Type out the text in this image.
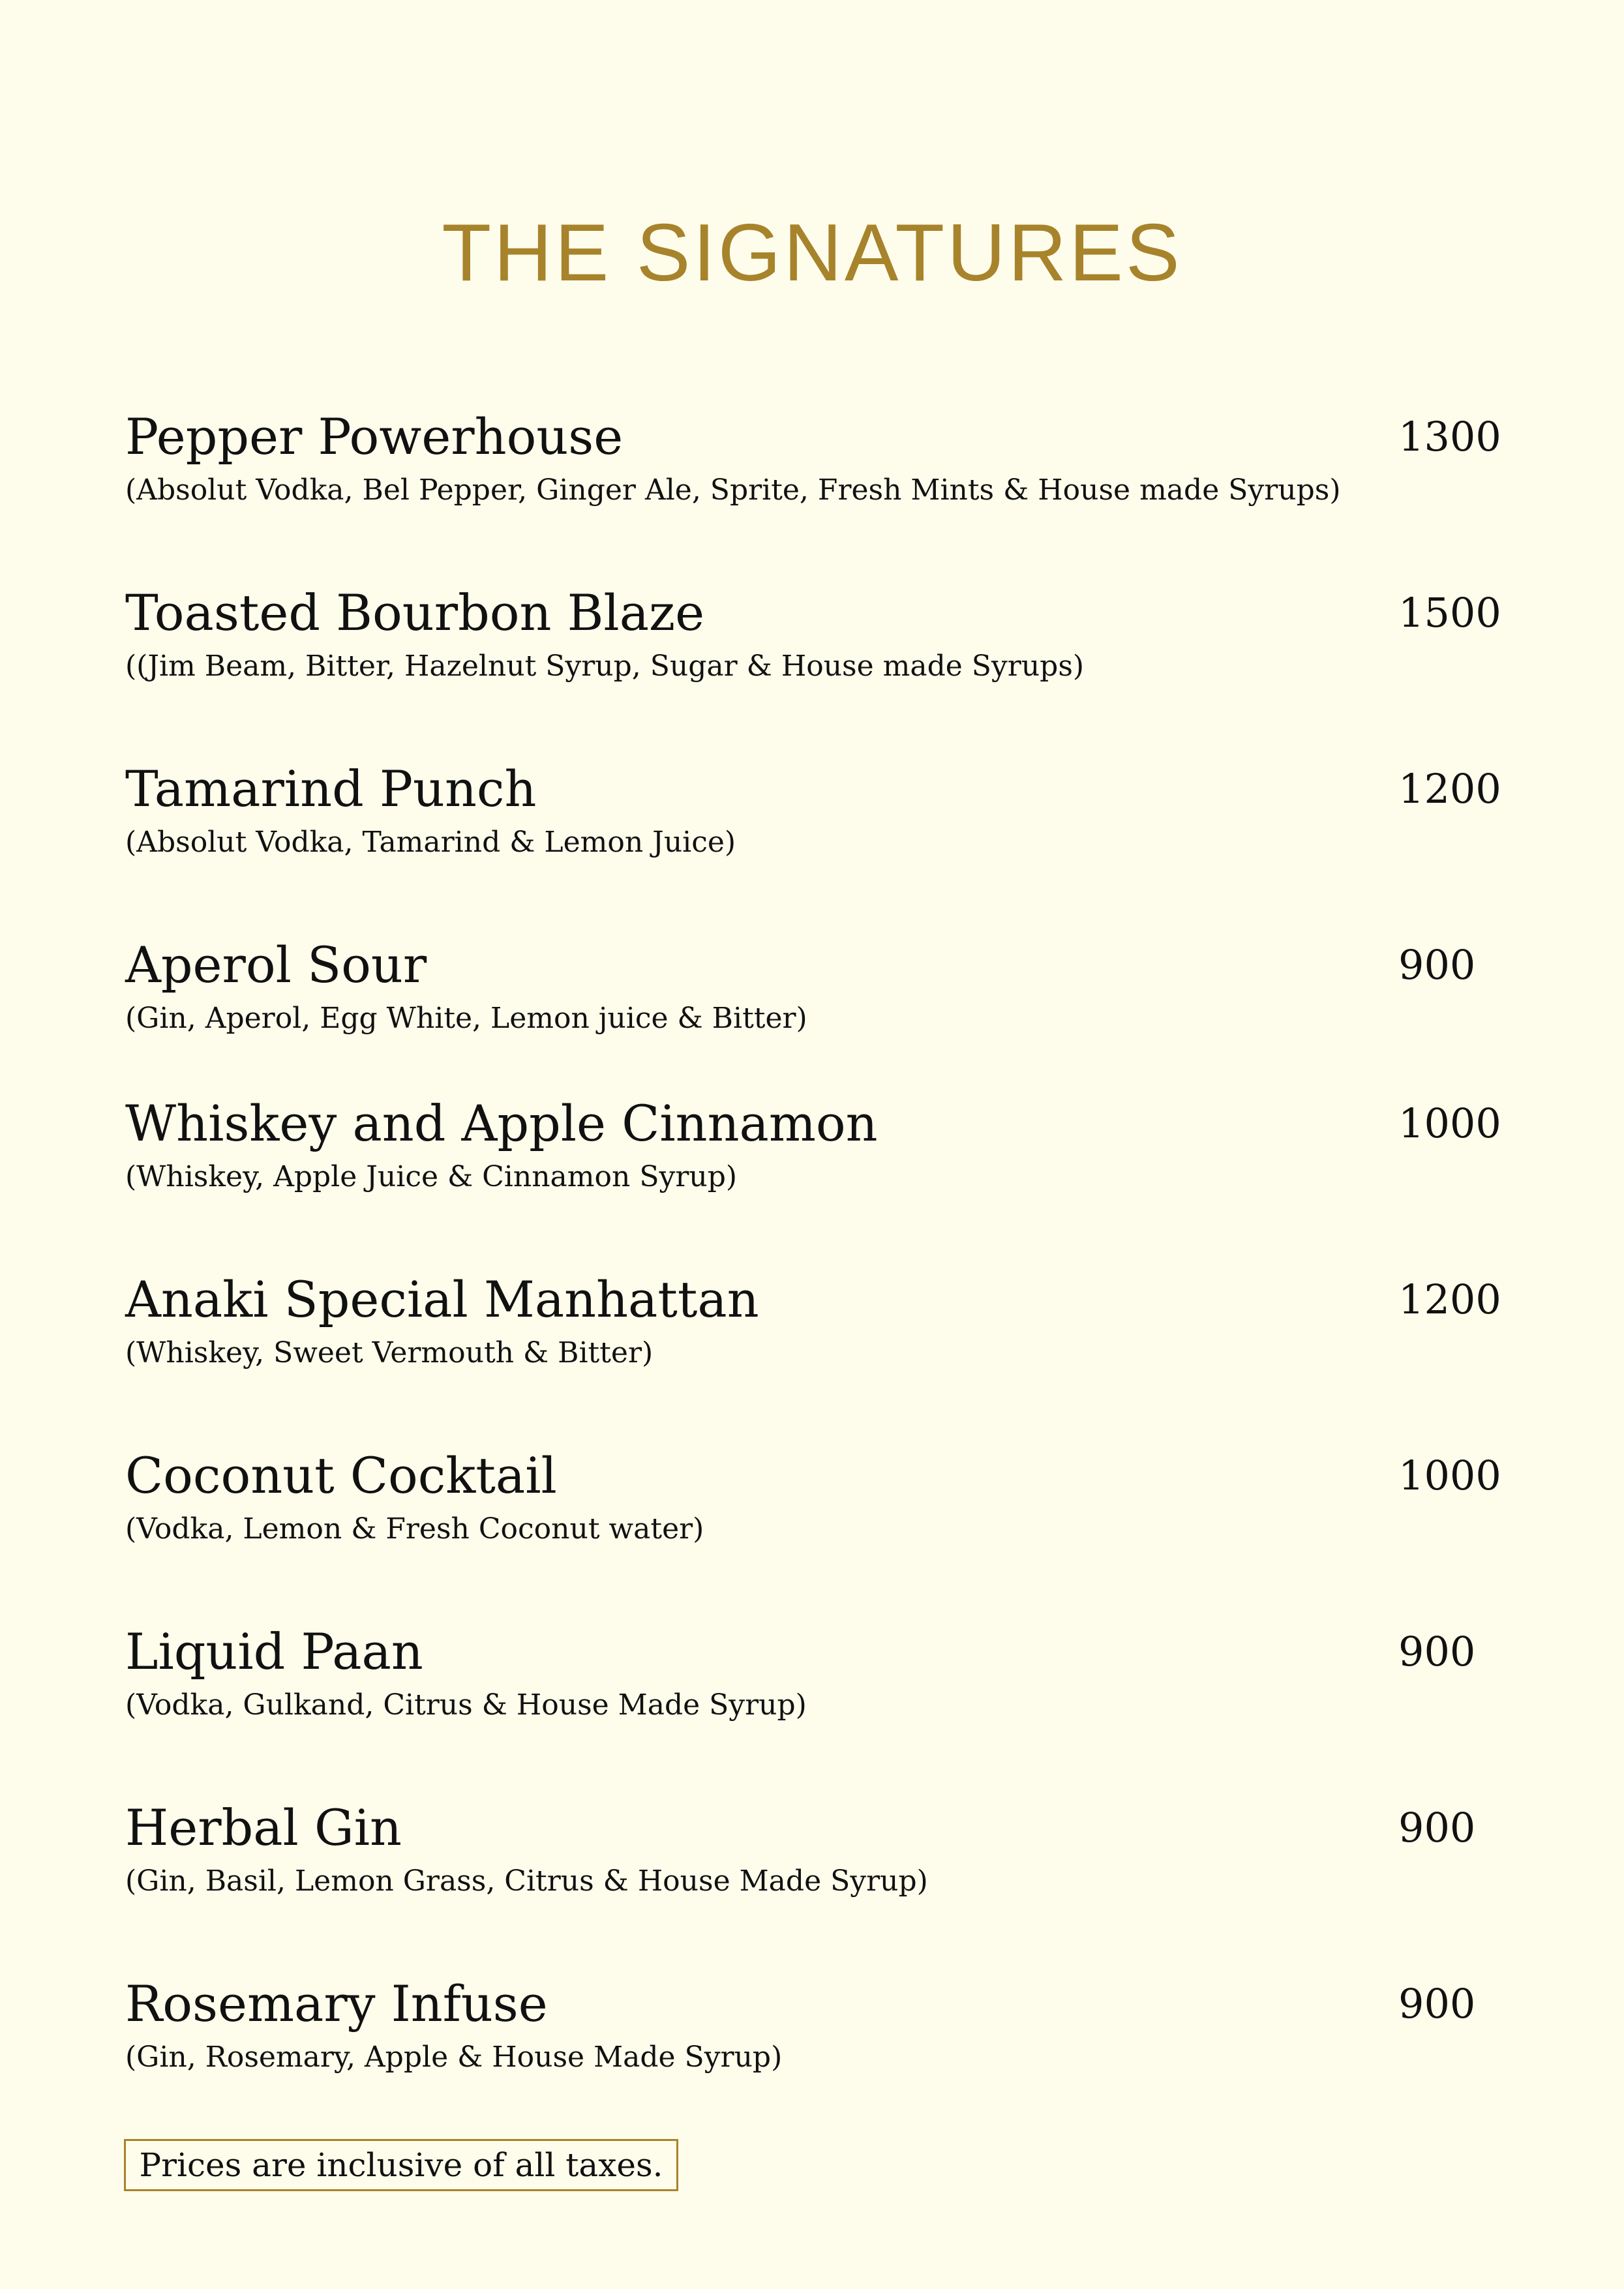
THE SIGNATURES
Pepper Powerhouse
(Absolut Vodka, Bel Pepper, Ginger Ale, Sprite, Fresh Mints & House made Syrups)
1300
Toasted Bourbon Blaze
((Jim Beam, Bitter, Hazelnut Syrup, Sugar & House made Syrups)
1500
Tamarind Punch
(Absolut Vodka, Tamarind & Lemon Juice)
1200
Aperol Sour
(Gin, Aperol, Egg White, Lemon juice & Bitter)
900
Whiskey and Apple Cinnamon
(Whiskey, Apple Juice & Cinnamon Syrup)
1000
Anaki Special Manhattan
(Whiskey, Sweet Vermouth & Bitter)
1200
Coconut Cocktail
(Vodka, Lemon & Fresh Coconut water)
1000
Liquid Paan
(Vodka, Gulkand, Citrus & House Made Syrup)
900
Herbal Gin
(Gin, Basil, Lemon Grass, Citrus & House Made Syrup)
900
Rosemary Infuse
(Gin, Rosemary, Apple & House Made Syrup)
900
Prices are inclusive of all taxes.
